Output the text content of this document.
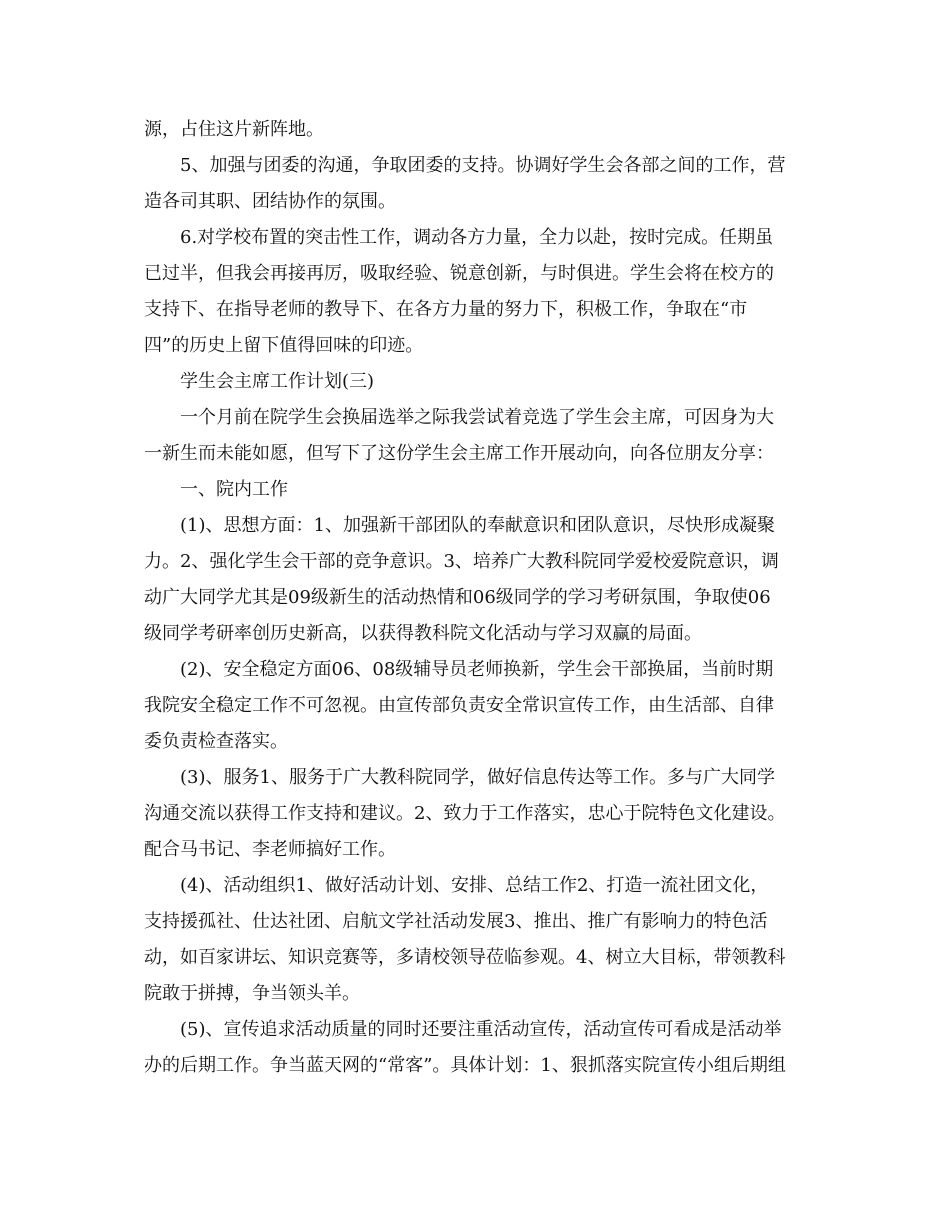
源，占住这片新阵地。
5、加强与团委的沟通，争取团委的支持。协调好学生会各部之间的工作，营
造各司其职、团结协作的氛围。
6.对学校布置的突击性工作，调动各方力量，全力以赴，按时完成。任期虽
已过半，但我会再接再厉，吸取经验、锐意创新，与时俱进。学生会将在校方的
支持下、在指导老师的教导下、在各方力量的努力下，积极工作，争取在“市
四”的历史上留下值得回味的印迹。
学生会主席工作计划(三)
一个月前在院学生会换届选举之际我尝试着竞选了学生会主席，可因身为大
一新生而未能如愿，但写下了这份学生会主席工作开展动向，向各位朋友分享：
一、院内工作
(1)、思想方面：1、加强新干部团队的奉献意识和团队意识，尽快形成凝聚
力。2、强化学生会干部的竞争意识。3、培养广大教科院同学爱校爱院意识，调
动广大同学尤其是09级新生的活动热情和06级同学的学习考研氛围，争取使06
级同学考研率创历史新高，以获得教科院文化活动与学习双赢的局面。
(2)、安全稳定方面06、08级辅导员老师换新，学生会干部换届，当前时期
我院安全稳定工作不可忽视。由宣传部负责安全常识宣传工作，由生活部、自律
委负责检查落实。
(3)、服务1、服务于广大教科院同学，做好信息传达等工作。多与广大同学
沟通交流以获得工作支持和建议。2、致力于工作落实，忠心于院特色文化建设。
配合马书记、李老师搞好工作。
(4)、活动组织1、做好活动计划、安排、总结工作2、打造一流社团文化，
支持援孤社、仕达社团、启航文学社活动发展3、推出、推广有影响力的特色活
动，如百家讲坛、知识竞赛等，多请校领导莅临参观。4、树立大目标，带领教科
院敢于拼搏，争当领头羊。
(5)、宣传追求活动质量的同时还要注重活动宣传，活动宣传可看成是活动举
办的后期工作。争当蓝天网的“常客”。具体计划：1、狠抓落实院宣传小组后期组
